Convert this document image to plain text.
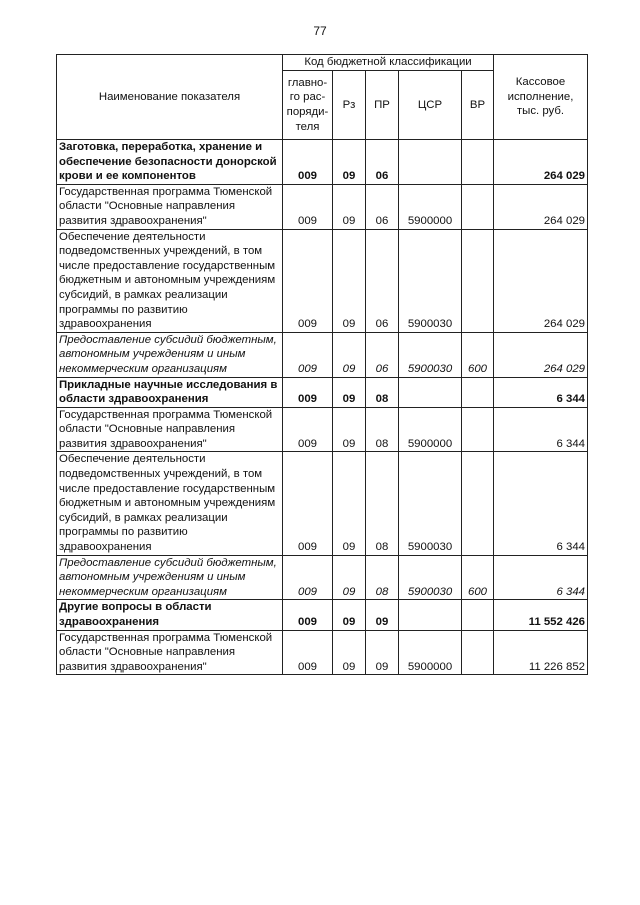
77
Наименование показателя	Код бюджетной классификации					Кассовое исполнение, тыс. руб.
	главно-го рас-поряди-теля	Рз	ПР	ЦСР	ВР	
Заготовка, переработка, хранение и обеспечение безопасности донорской крови и ее компонентов	009	09	06			264 029
Государственная программа Тюменской области "Основные направления развития здравоохранения"	009	09	06	5900000		264 029
Обеспечение деятельности подведомственных учреждений, в том числе предоставление государственным бюджетным и автономным учреждениям субсидий, в рамках реализации программы по развитию здравоохранения	009	09	06	5900030		264 029
Предоставление субсидий бюджетным, автономным учреждениям и иным некоммерческим организациям	009	09	06	5900030	600	264 029
Прикладные научные исследования в области здравоохранения	009	09	08			6 344
Государственная программа Тюменской области "Основные направления развития здравоохранения"	009	09	08	5900000		6 344
Обеспечение деятельности подведомственных учреждений, в том числе предоставление государственным бюджетным и автономным учреждениям субсидий, в рамках реализации программы по развитию здравоохранения	009	09	08	5900030		6 344
Предоставление субсидий бюджетным, автономным учреждениям и иным некоммерческим организациям	009	09	08	5900030	600	6 344
Другие вопросы в области здравоохранения	009	09	09			11 552 426
Государственная программа Тюменской области "Основные направления развития здравоохранения"	009	09	09	5900000		11 226 852
